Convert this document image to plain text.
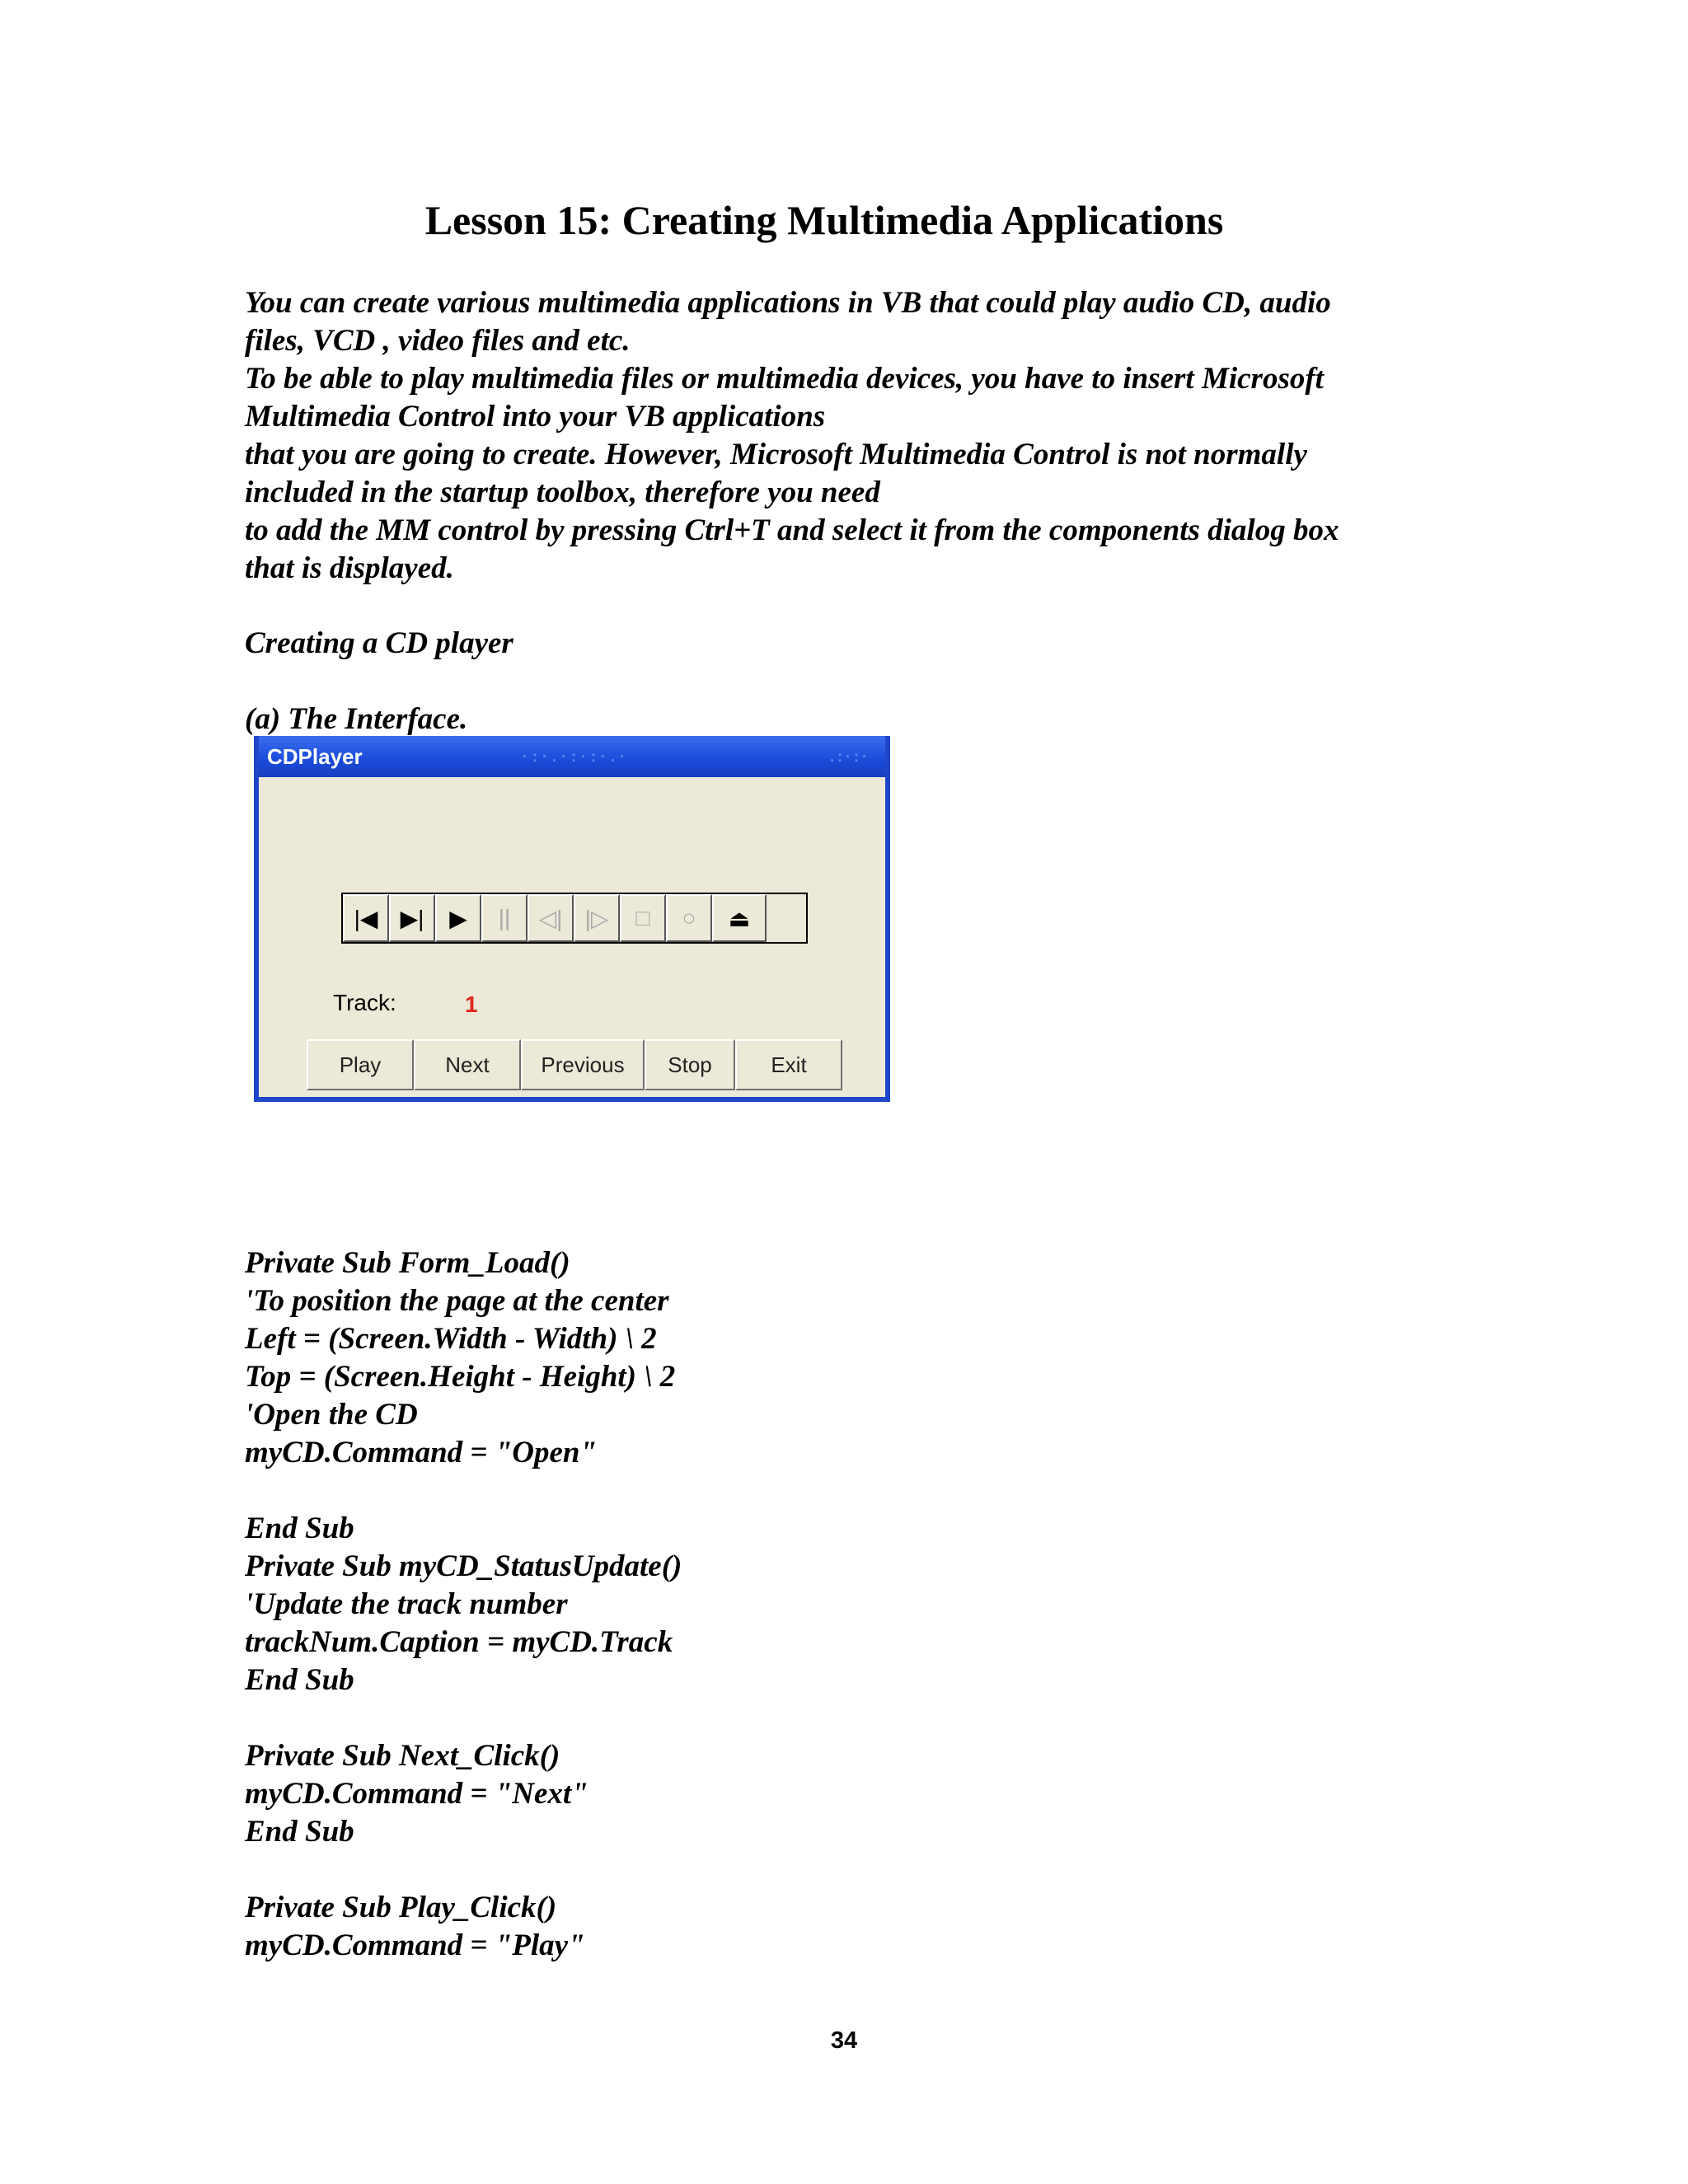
Lesson 15: Creating Multimedia Applications
You can create various multimedia applications in VB that could play audio CD, audio
files, VCD , video files and etc.
To be able to play multimedia files or multimedia devices, you have to insert Microsoft
Multimedia Control into your VB applications
that you are going to create. However, Microsoft Multimedia Control is not normally
included in the startup toolbox, therefore you need
to add the MM control by pressing Ctrl+T and select it from the components dialog box
that is displayed.
Creating a CD player
(a) The Interface.
CDPlayer	·:·.·:·:·.·	.:·:·
|◀ ▶| ▶ || ◁| |▷ □ ○ ⏏
Track:	1
Play	Next	Previous	Stop	Exit
Private Sub Form_Load()
'To position the page at the center
Left = (Screen.Width - Width) \ 2
Top = (Screen.Height - Height) \ 2
'Open the CD
myCD.Command = "Open"
End Sub
Private Sub myCD_StatusUpdate()
'Update the track number
trackNum.Caption = myCD.Track
End Sub
Private Sub Next_Click()
myCD.Command = "Next"
End Sub
Private Sub Play_Click()
myCD.Command = "Play"
34
